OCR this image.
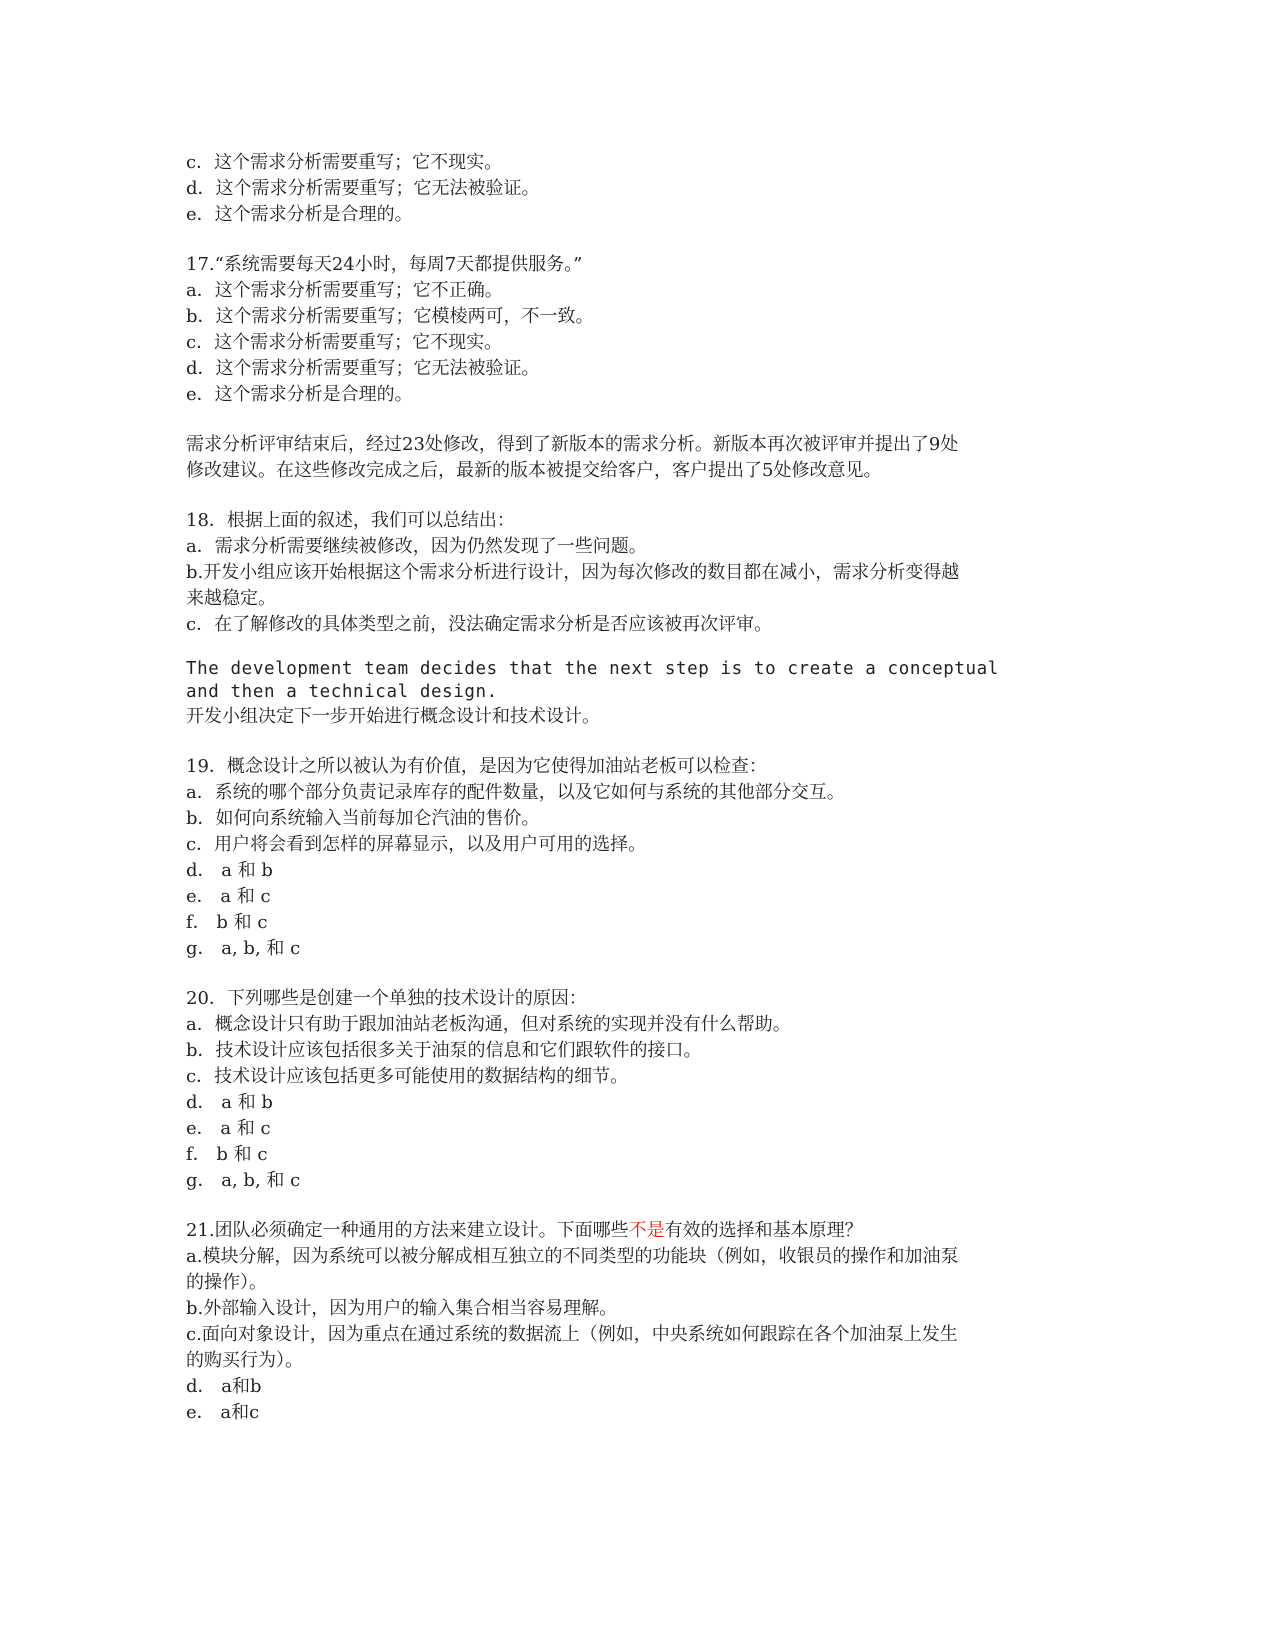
c．这个需求分析需要重写；它不现实。
d．这个需求分析需要重写；它无法被验证。
e．这个需求分析是合理的。
17.“系统需要每天24小时，每周7天都提供服务。”
a．这个需求分析需要重写；它不正确。
b．这个需求分析需要重写；它模棱两可，不一致。
c．这个需求分析需要重写；它不现实。
d．这个需求分析需要重写；它无法被验证。
e．这个需求分析是合理的。
需求分析评审结束后，经过23处修改，得到了新版本的需求分析。新版本再次被评审并提出了9处
修改建议。在这些修改完成之后，最新的版本被提交给客户，客户提出了5处修改意见。
18．根据上面的叙述，我们可以总结出：
a．需求分析需要继续被修改，因为仍然发现了一些问题。
b.开发小组应该开始根据这个需求分析进行设计，因为每次修改的数目都在减小，需求分析变得越
来越稳定。
c．在了解修改的具体类型之前，没法确定需求分析是否应该被再次评审。
The development team decides that the next step is to create a conceptual
and then a technical design.
开发小组决定下一步开始进行概念设计和技术设计。
19．概念设计之所以被认为有价值，是因为它使得加油站老板可以检查：
a．系统的哪个部分负责记录库存的配件数量，以及它如何与系统的其他部分交互。
b．如何向系统输入当前每加仑汽油的售价。
c．用户将会看到怎样的屏幕显示，以及用户可用的选择。
d． a 和 b
e． a 和 c
f． b 和 c
g． a, b, 和 c
20．下列哪些是创建一个单独的技术设计的原因：
a．概念设计只有助于跟加油站老板沟通，但对系统的实现并没有什么帮助。
b．技术设计应该包括很多关于油泵的信息和它们跟软件的接口。
c．技术设计应该包括更多可能使用的数据结构的细节。
d． a 和 b
e． a 和 c
f． b 和 c
g． a, b, 和 c
21.团队必须确定一种通用的方法来建立设计。下面哪些不是有效的选择和基本原理？
a.模块分解，因为系统可以被分解成相互独立的不同类型的功能块（例如，收银员的操作和加油泵
的操作）。
b.外部输入设计，因为用户的输入集合相当容易理解。
c.面向对象设计，因为重点在通过系统的数据流上（例如，中央系统如何跟踪在各个加油泵上发生
的购买行为）。
d． a和b
e． a和c
